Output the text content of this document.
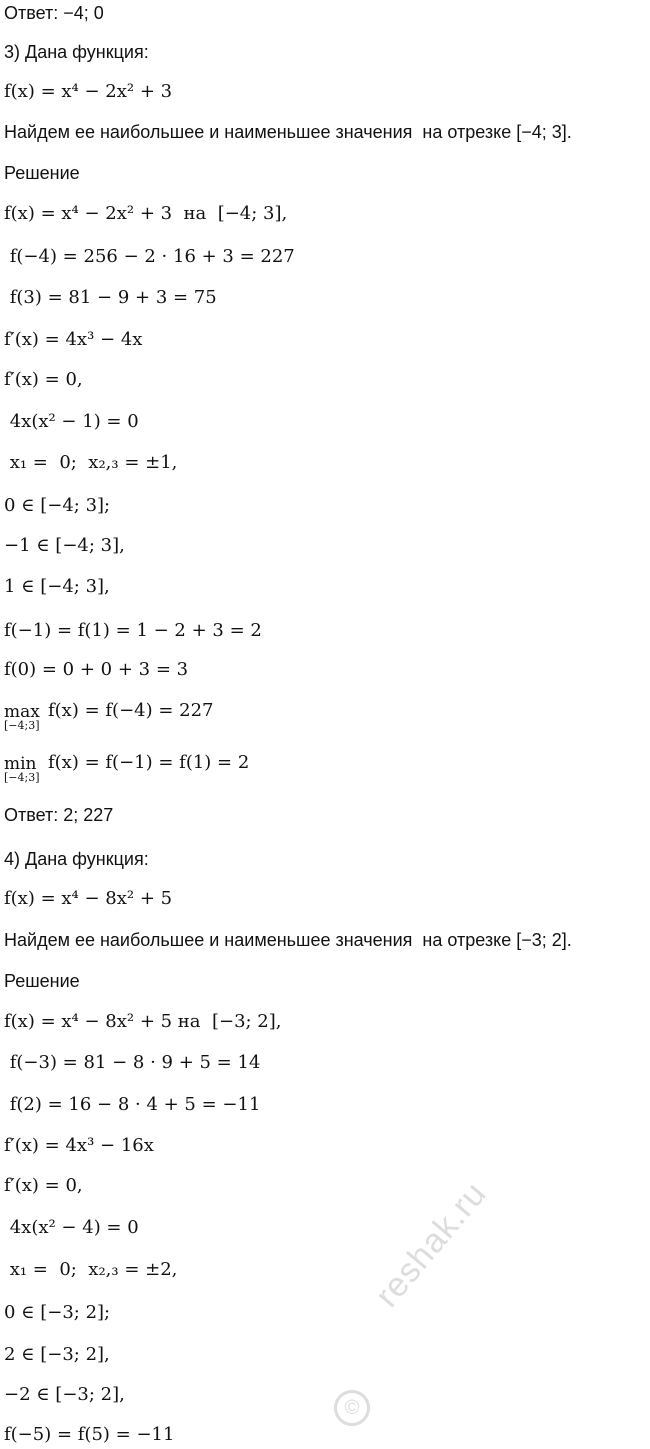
Ответ: −4; 0
3) Дана функция:
f(x) = x⁴ − 2x² + 3
Найдем ее наибольшее и наименьшее значения  на отрезке [−4; 3].
Решение
f(x) = x⁴ − 2x² + 3  на  [−4; 3],
f(−4) = 256 − 2 · 16 + 3 = 227
f(3) = 81 − 9 + 3 = 75
f′(x) = 4x³ − 4x
f′(x) = 0,
4x(x² − 1) = 0
x₁ =  0;  x₂,₃ = ±1,
0 ∈ [−4; 3];
−1 ∈ [−4; 3],
1 ∈ [−4; 3],
f(−1) = f(1) = 1 − 2 + 3 = 2
f(0) = 0 + 0 + 3 = 3
max
[−4;3]
f(x) = f(−4) = 227
min
[−4;3]
f(x) = f(−1) = f(1) = 2
Ответ: 2; 227
4) Дана функция:
f(x) = x⁴ − 8x² + 5
Найдем ее наибольшее и наименьшее значения  на отрезке [−3; 2].
Решение
f(x) = x⁴ − 8x² + 5 на  [−3; 2],
f(−3) = 81 − 8 · 9 + 5 = 14
f(2) = 16 − 8 · 4 + 5 = −11
f′(x) = 4x³ − 16x
f′(x) = 0,
4x(x² − 4) = 0
x₁ =  0;  x₂,₃ = ±2,
0 ∈ [−3; 2];
2 ∈ [−3; 2],
−2 ∈ [−3; 2],
f(−5) = f(5) = −11
©
reshak.ru
